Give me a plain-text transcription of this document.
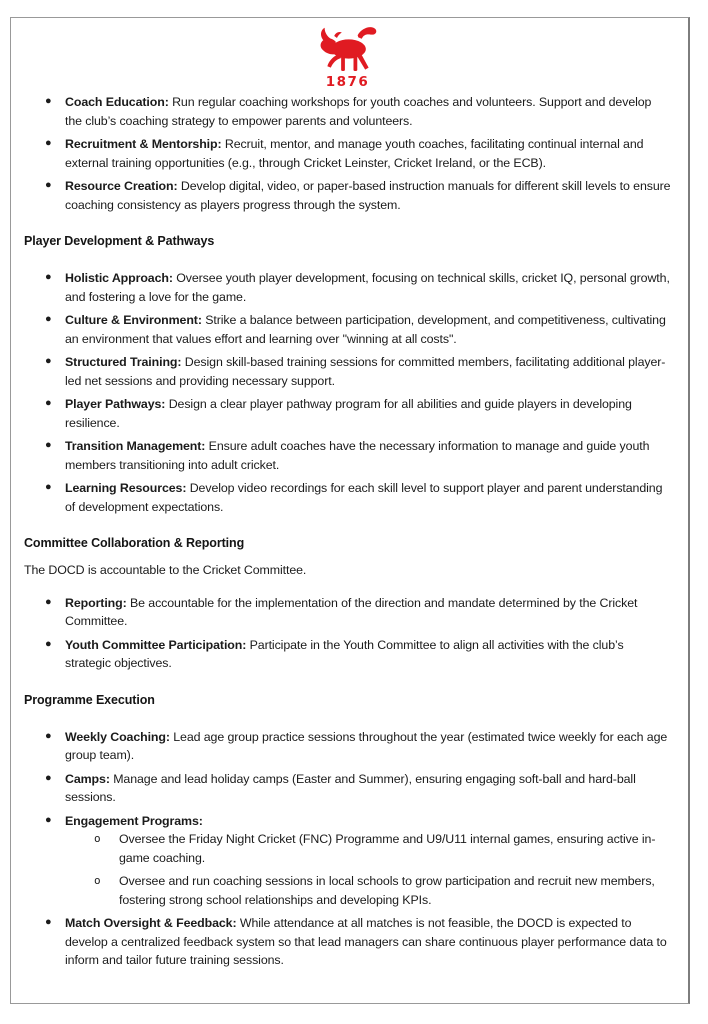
1876
● Coach Education: Run regular coaching workshops for youth coaches and volunteers. Support and develop the club’s coaching strategy to empower parents and volunteers.
● Recruitment & Mentorship: Recruit, mentor, and manage youth coaches, facilitating continual internal and external training opportunities (e.g., through Cricket Leinster, Cricket Ireland, or the ECB).
● Resource Creation: Develop digital, video, or paper-based instruction manuals for different skill levels to ensure coaching consistency as players progress through the system.
Player Development & Pathways
● Holistic Approach: Oversee youth player development, focusing on technical skills, cricket IQ, personal growth, and fostering a love for the game.
● Culture & Environment: Strike a balance between participation, development, and competitiveness, cultivating an environment that values effort and learning over "winning at all costs".
● Structured Training: Design skill-based training sessions for committed members, facilitating additional player-led net sessions and providing necessary support.
● Player Pathways: Design a clear player pathway program for all abilities and guide players in developing resilience.
● Transition Management: Ensure adult coaches have the necessary information to manage and guide youth members transitioning into adult cricket.
● Learning Resources: Develop video recordings for each skill level to support player and parent understanding of development expectations.
Committee Collaboration & Reporting

The DOCD is accountable to the Cricket Committee.

● Reporting: Be accountable for the implementation of the direction and mandate determined by the Cricket Committee.
● Youth Committee Participation: Participate in the Youth Committee to align all activities with the club’s strategic objectives.
Programme Execution
● Weekly Coaching: Lead age group practice sessions throughout the year (estimated twice weekly for each age group team).
● Camps: Manage and lead holiday camps (Easter and Summer), ensuring engaging soft-ball and hard-ball sessions.
● Engagement Programs:
o Oversee the Friday Night Cricket (FNC) Programme and U9/U11 internal games, ensuring active in-game coaching.
o Oversee and run coaching sessions in local schools to grow participation and recruit new members, fostering strong school relationships and developing KPIs.
● Match Oversight & Feedback: While attendance at all matches is not feasible, the DOCD is expected to develop a centralized feedback system so that lead managers can share continuous player performance data to inform and tailor future training sessions.
